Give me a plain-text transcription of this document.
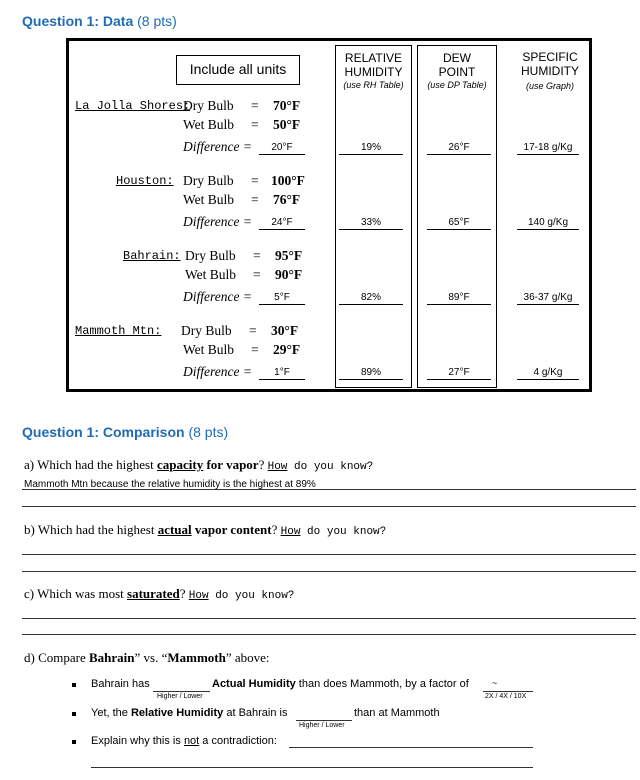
Question 1: Data (8 pts)
Include all units
RELATIVE
HUMIDITY
(use RH Table)
DEW
POINT
(use DP Table)
SPECIFIC
HUMIDITY
(use Graph)
La Jolla Shores:
Dry Bulb = 70°F
Wet Bulb = 50°F
Difference =	20°F	19%	26°F	17-18 g/Kg
Houston: Dry Bulb = 100°F
Wet Bulb = 76°F
Difference =	24°F	33%	65°F	140 g/Kg
Bahrain: Dry Bulb = 95°F
Wet Bulb = 90°F
Difference =	5°F	82%	89°F	36-37 g/Kg
Mammoth Mtn: Dry Bulb = 30°F
Wet Bulb = 29°F
Difference =	1°F	89%	27°F	4 g/Kg
Question 1: Comparison (8 pts)
a) Which had the highest capacity for vapor? How do you know?
Mammoth Mtn because the relative humidity is the highest at 89%
b) Which had the highest actual vapor content? How do you know?
c) Which was most saturated? How do you know?
d) Compare Bahrain” vs. “Mammoth” above:
Bahrain has
Higher / Lower
Actual Humidity than does Mammoth, by a factor of	~
2X / 4X / 10X
Yet, the Relative Humidity at Bahrain is
Higher / Lower
than at Mammoth
Explain why this is not a contradiction:
